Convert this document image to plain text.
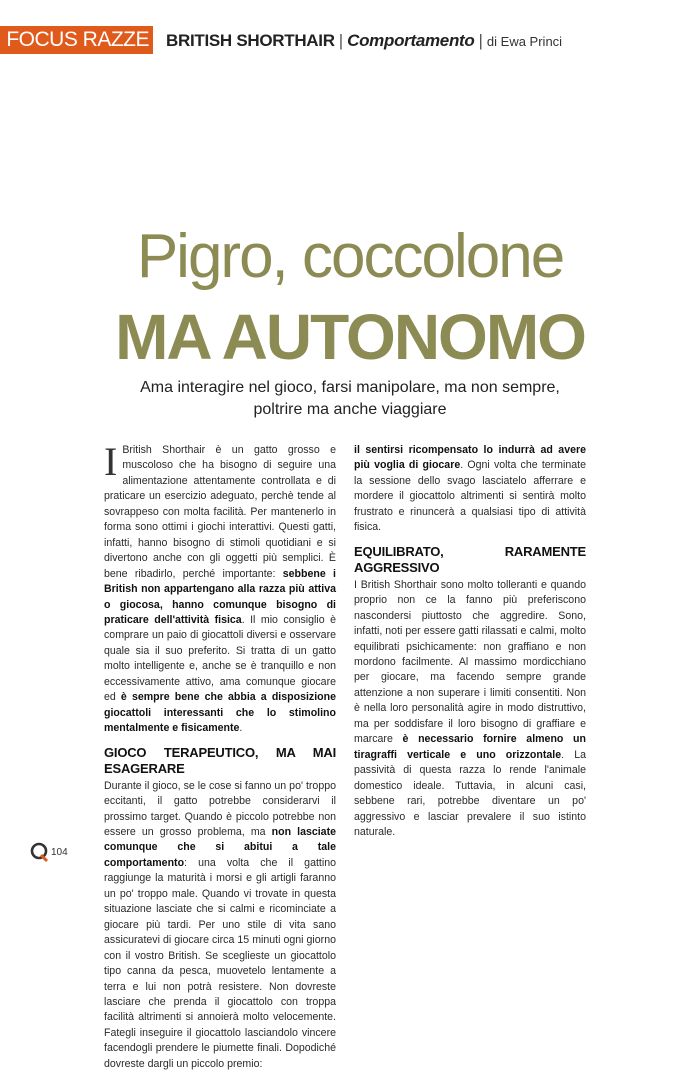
FOCUS RAZZE BRITISH SHORTHAIR | Comportamento | di Ewa Princi
Pigro, coccolone
MA AUTONOMO
Ama interagire nel gioco, farsi manipolare, ma non sempre,
poltrire ma anche viaggiare

I British Shorthair è un gatto grosso e muscoloso che ha bisogno di seguire una alimentazione attentamente controllata e di praticare un esercizio adeguato, perchè tende al sovrappeso con molta facilità. Per mantenerlo in forma sono ottimi i giochi interattivi. Questi gatti, infatti, hanno bisogno di stimoli quotidiani e si divertono anche con gli oggetti più semplici. È bene ribadirlo, perché importante: sebbene i British non appartengano alla razza più attiva o giocosa, hanno comunque bisogno di praticare dell'attività fisica. Il mio consiglio è comprare un paio di giocattoli diversi e osservare quale sia il suo preferito. Si tratta di un gatto molto intelligente e, anche se è tranquillo e non eccessivamente attivo, ama comunque giocare ed è sempre bene che abbia a disposizione giocattoli interessanti che lo stimolino mentalmente e fisicamente.

GIOCO TERAPEUTICO, MA MAI ESAGERARE

Durante il gioco, se le cose si fanno un po' troppo eccitanti, il gatto potrebbe considerarvi il prossimo target. Quando è piccolo potrebbe non essere un grosso problema, ma non lasciate comunque che si abitui a tale comportamento: una volta che il gattino raggiunge la maturità i morsi e gli artigli faranno un po' troppo male. Quando vi trovate in questa situazione lasciate che si calmi e ricominciate a giocare più tardi. Per uno stile di vita sano assicuratevi di giocare circa 15 minuti ogni giorno con il vostro British. Se sceglieste un giocattolo tipo canna da pesca, muovetelo lentamente a terra e lui non potrà resistere. Non dovreste lasciare che prenda il giocattolo con troppa facilità altrimenti si annoierà molto velocemente. Fategli inseguire il giocattolo lasciandolo vincere facendogli prendere le piumette finali. Dopodiché dovreste dargli un piccolo premio:

il sentirsi ricompensato lo indurrà ad avere più voglia di giocare. Ogni volta che terminate la sessione dello svago lasciatelo afferrare e mordere il giocattolo altrimenti si sentirà molto frustrato e rinuncerà a qualsiasi tipo di attività fisica.

EQUILIBRATO, RARAMENTE AGGRESSIVO

I British Shorthair sono molto tolleranti e quando proprio non ce la fanno più preferiscono nascondersi piuttosto che aggredire. Sono, infatti, noti per essere gatti rilassati e calmi, molto equilibrati psichicamente: non graffiano e non mordono facilmente. Al massimo mordicchiano per giocare, ma facendo sempre grande attenzione a non superare i limiti consentiti. Non è nella loro personalità agire in modo distruttivo, ma per soddisfare il loro bisogno di graffiare e marcare è necessario fornire almeno un tiragraffi verticale e uno orizzontale. La passività di questa razza lo rende l'animale domestico ideale. Tuttavia, in alcuni casi, sebbene rari, potrebbe diventare un po' aggressivo e lasciar prevalere il suo istinto naturale.

104
